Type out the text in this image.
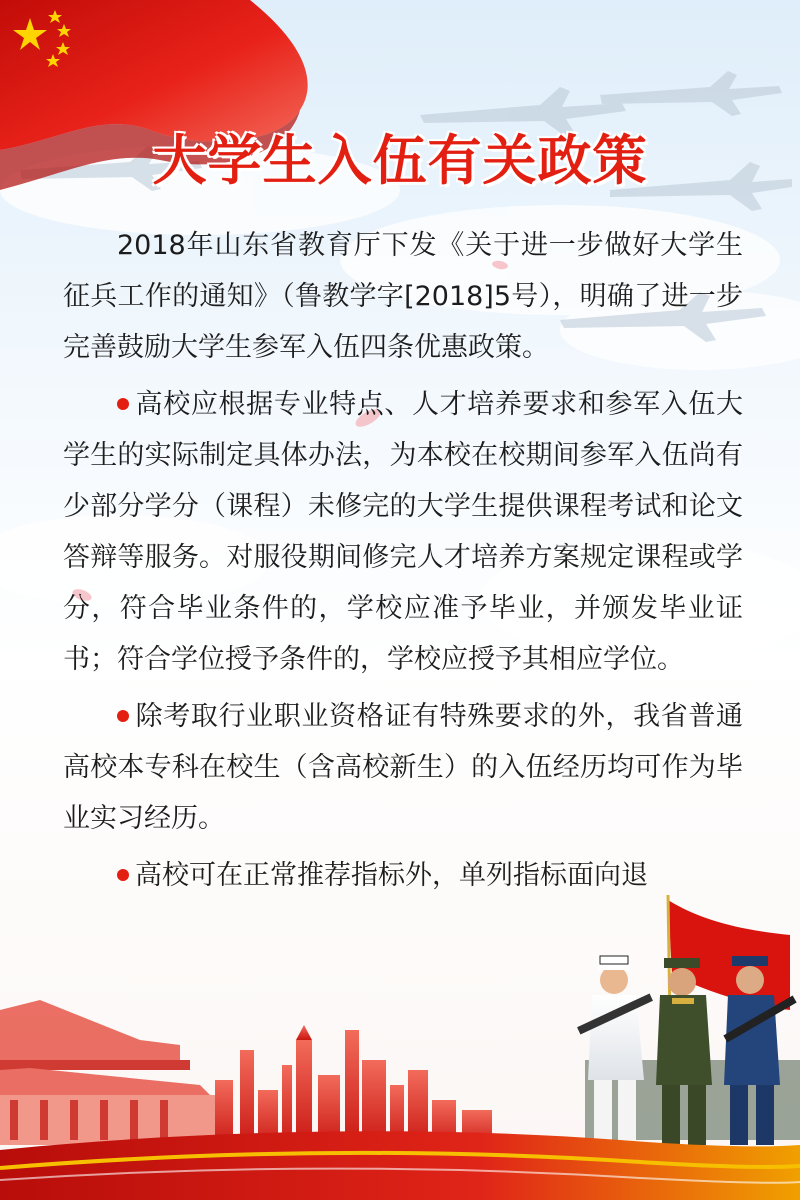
大学生入伍有关政策

2018年山东省教育厅下发《关于进一步做好大学生征兵工作的通知》（鲁教学字[2018]5号），明确了进一步完善鼓励大学生参军入伍四条优惠政策。

高校应根据专业特点、人才培养要求和参军入伍大学生的实际制定具体办法，为本校在校期间参军入伍尚有少部分学分（课程）未修完的大学生提供课程考试和论文答辩等服务。对服役期间修完人才培养方案规定课程或学分，符合毕业条件的，学校应准予毕业，并颁发毕业证书；符合学位授予条件的，学校应授予其相应学位。

除考取行业职业资格证有特殊要求的外，我省普通高校本专科在校生（含高校新生）的入伍经历均可作为毕业实习经历。

高校可在正常推荐指标外，单列指标面向退
